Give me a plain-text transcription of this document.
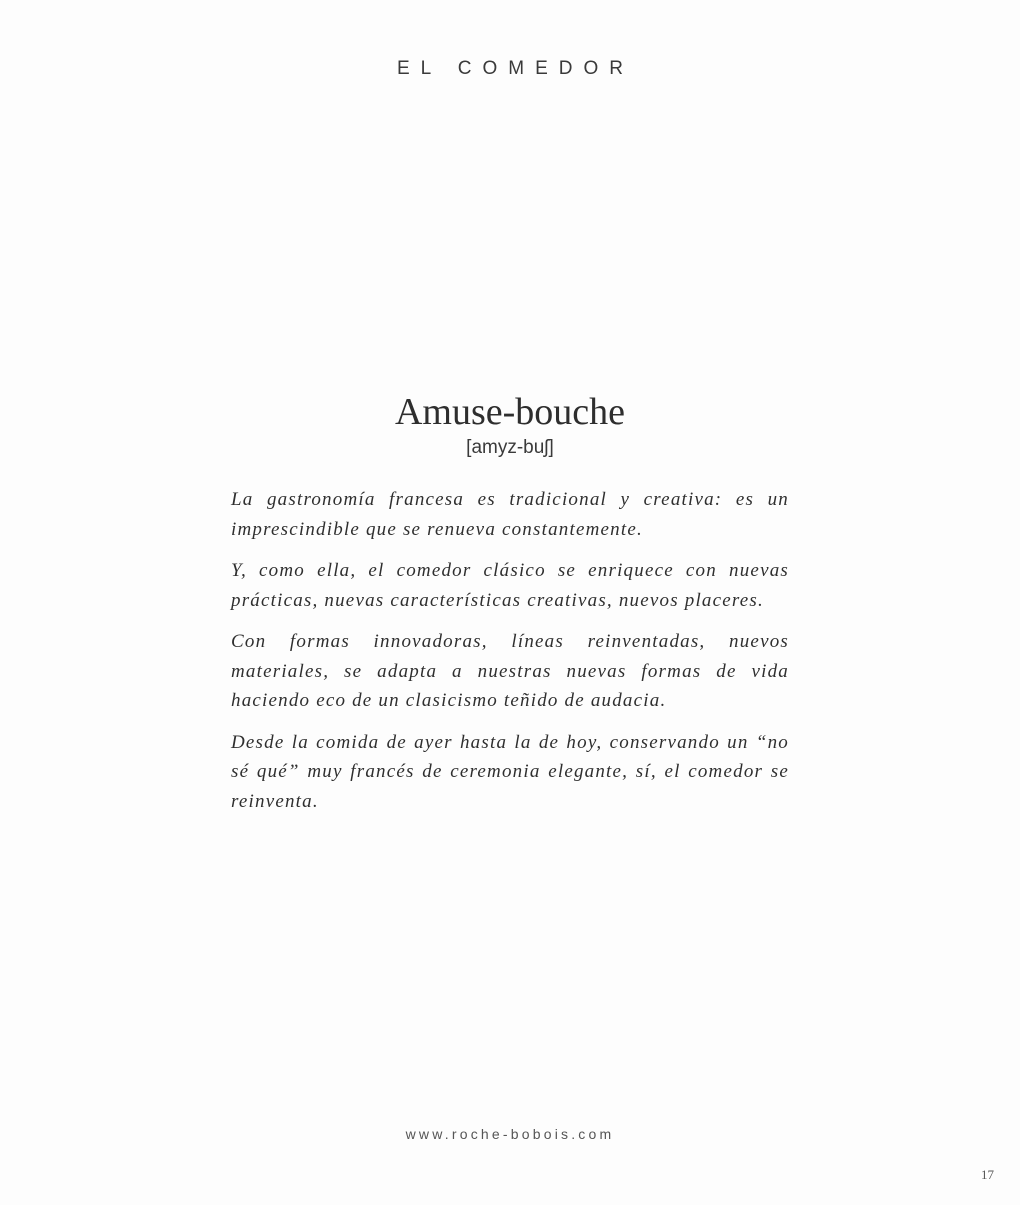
EL COMEDOR
Amuse-bouche
[amyz-buʃ]

La gastronomía francesa es tradicional y creativa: es un imprescindible que se renueva constantemente.

Y, como ella, el comedor clásico se enriquece con nuevas prácticas, nuevas características creativas, nuevos placeres.

Con formas innovadoras, líneas reinventadas, nuevos materiales, se adapta a nuestras nuevas formas de vida haciendo eco de un clasicismo teñido de audacia.

Desde la comida de ayer hasta la de hoy, conservando un “no sé qué” muy francés de ceremonia elegante, sí, el comedor se reinventa.

www.roche-bobois.com
17
